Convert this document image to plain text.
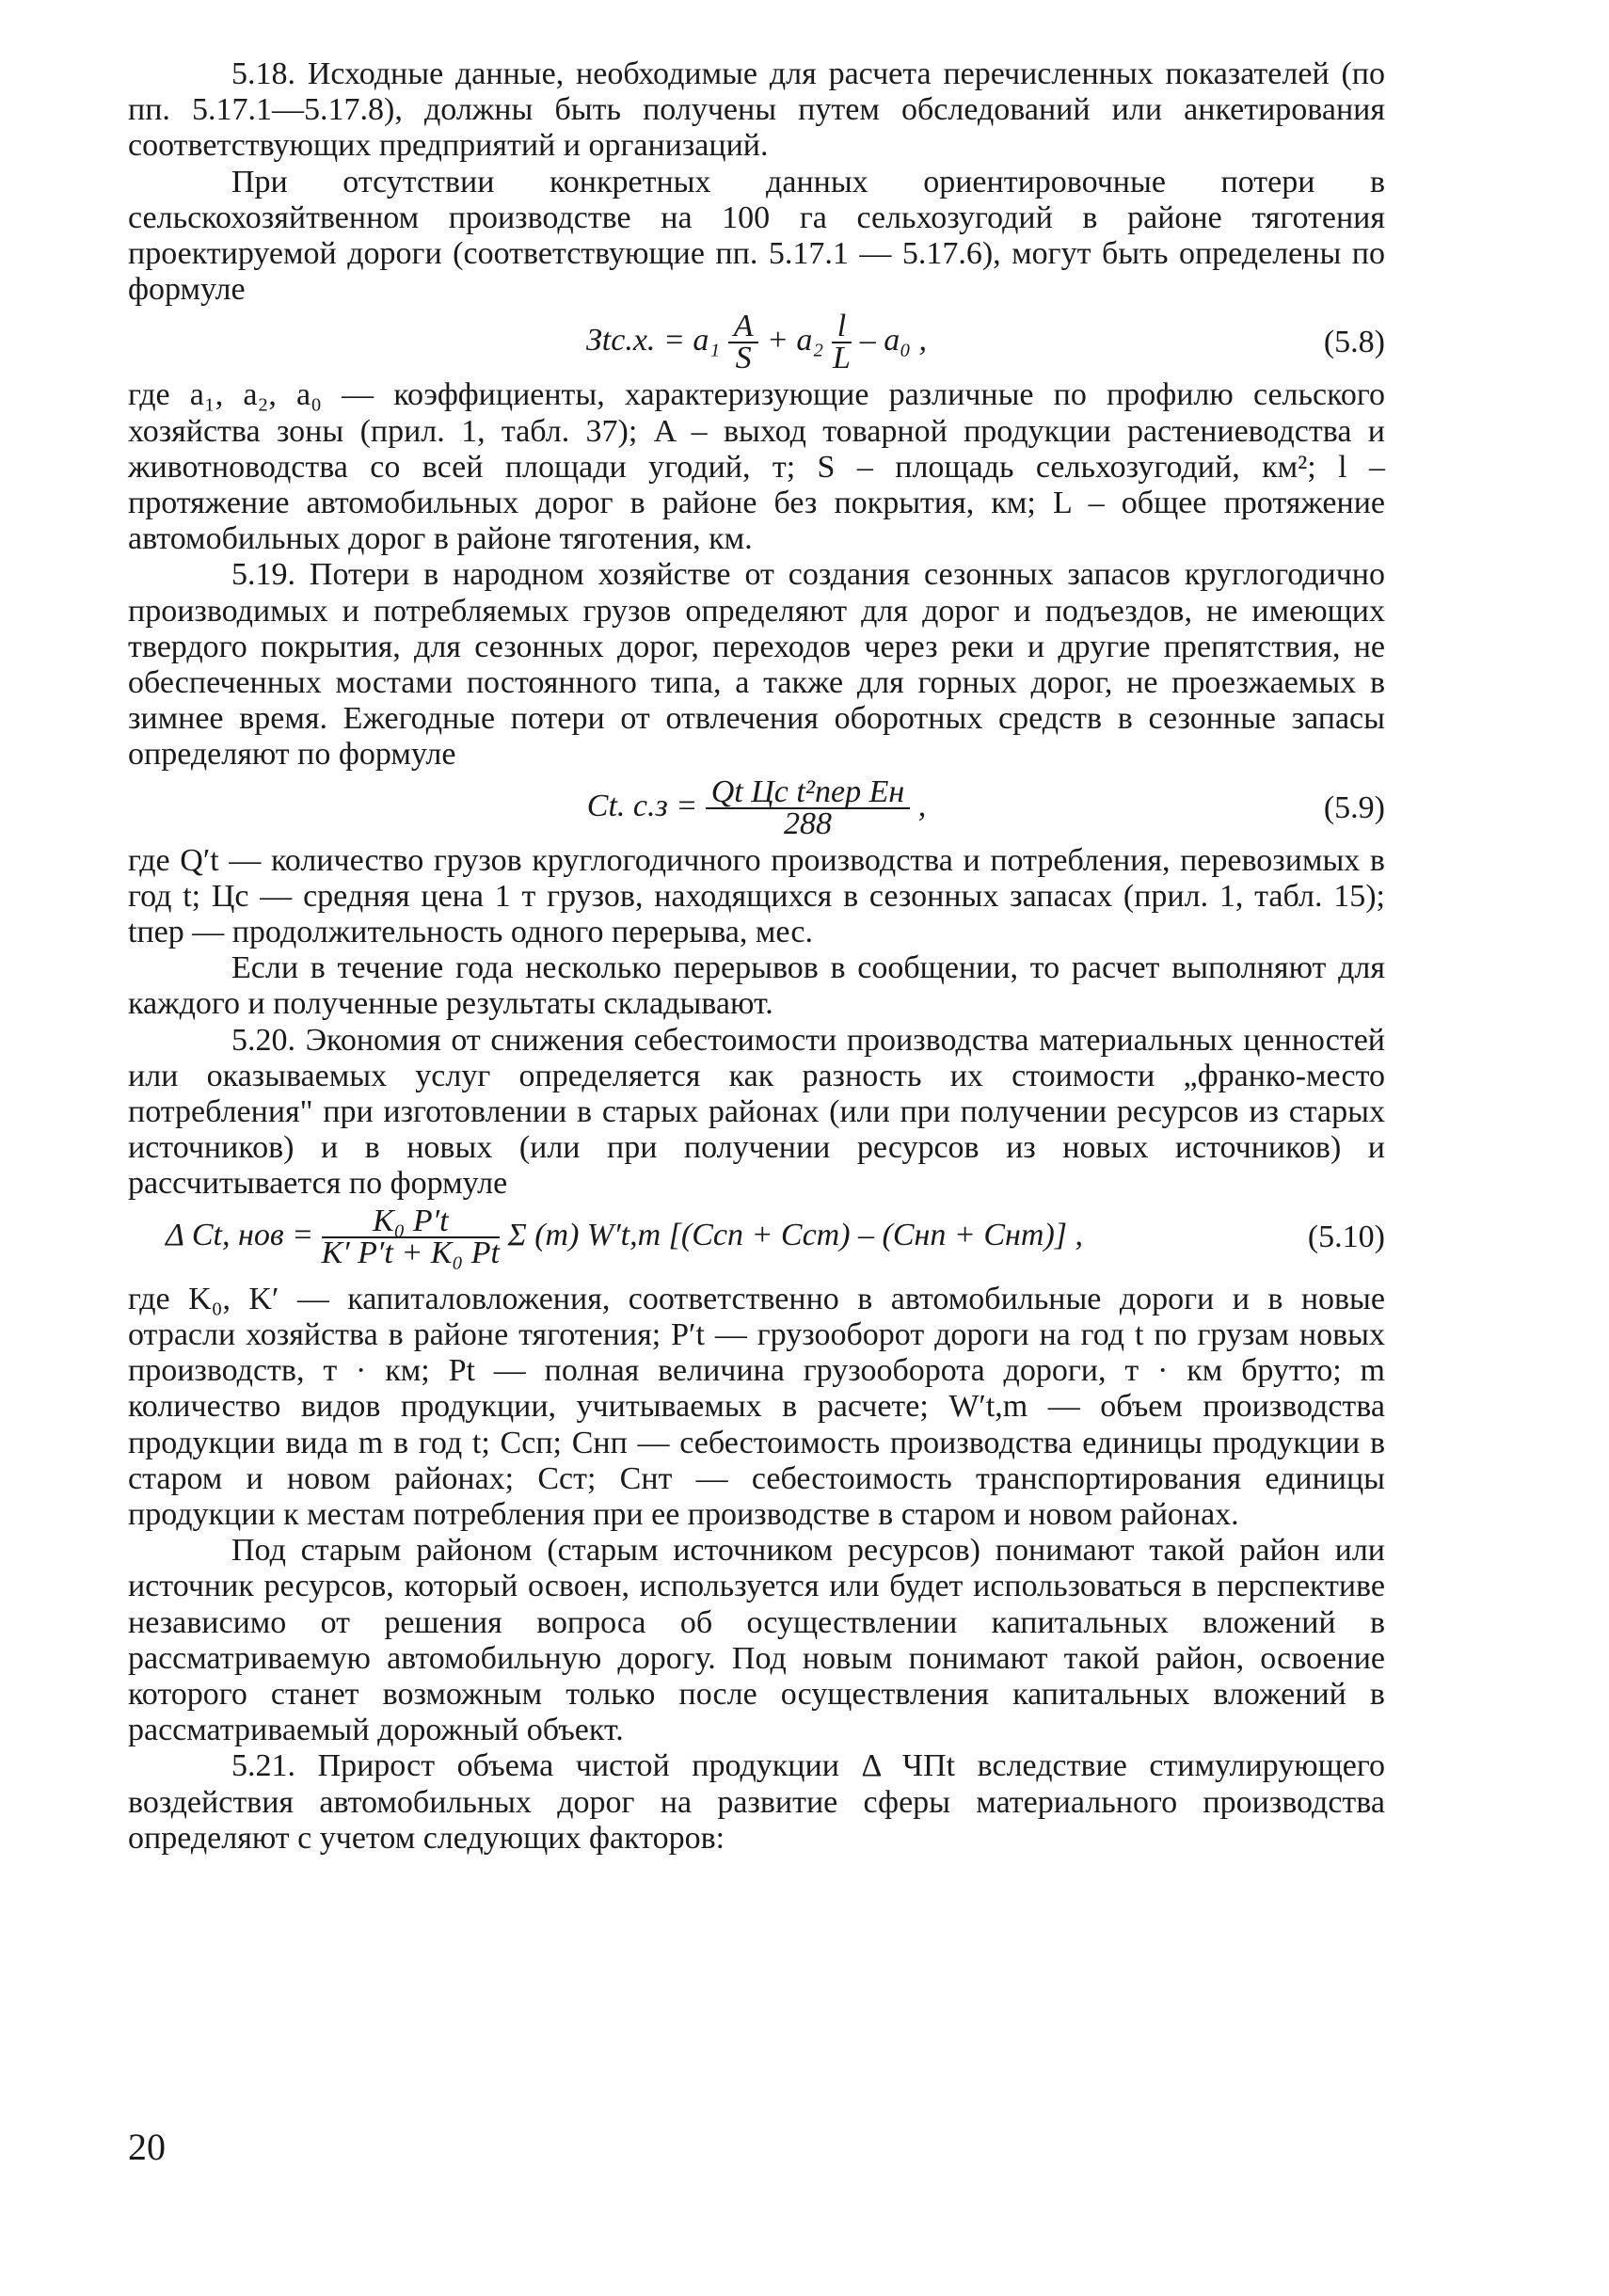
5.18. Исходные данные, необходимые для расчета перечисленных показателей (по пп. 5.17.1—5.17.8), должны быть получены путем обследований или анкетирования соответствующих предприятий и организаций.

При отсутствии конкретных данных ориентировочные потери в сельскохозяйтвенном производстве на 100 га сельхозугодий в районе тяготения проектируемой дороги (соответствующие пп. 5.17.1 — 5.17.6), могут быть определены по формуле

Зtс.х. = $a_1 \frac{A}{S} + a_2 \frac{l}{L} - a_0$ ,	(5.8)

где a₁, a₂, a₀ — коэффициенты, характеризующие различные по профилю сельского хозяйства зоны (прил. 1, табл. 37); A – выход товарной продукции растениеводства и животноводства со всей площади угодий, т; S – площадь сельхозугодий, км²; l – протяжение автомобильных дорог в районе без покрытия, км; L – общее протяжение автомобильных дорог в районе тяготения, км.

5.19. Потери в народном хозяйстве от создания сезонных запасов круглогодично производимых и потребляемых грузов определяют для дорог и подъездов, не имеющих твердого покрытия, для сезонных дорог, переходов через реки и другие препятствия, не обеспеченных мостами постоянного типа, а также для горных дорог, не проезжаемых в зимнее время. Ежегодные потери от отвлечения оборотных средств в сезонные запасы определяют по формуле

Ct. $с.з = \frac{\text{Qt Цс t²пер Eн}}{288}$ ,	(5.9)

где Q′t — количество грузов круглогодичного производства и потребления, перевозимых в год t; Цс — средняя цена 1 т грузов, находящихся в сезонных запасах (прил. 1, табл. 15); tпер — продолжительность одного перерыва, мес.

Если в течение года несколько перерывов в сообщении, то расчет выполняют для каждого и полученные результаты складывают.

5.20. Экономия от снижения себестоимости производства материальных ценностей или оказываемых услуг определяется как разность их стоимости „франко-место потребления" при изготовлении в старых районах (или при получении ресурсов из старых источников) и в новых (или при получении ресурсов из новых источников) и рассчитывается по формуле

Δ Ct, нов = $\frac{\text{K₀ P′t}}{\text{K′ P′t + K₀ Pt}}$ Σ (m) W′t,m [(Cсп + Cст) – (Cнп + Cнт)] ,	(5.10)

где K₀, K′ — капиталовложения, соответственно в автомобильные дороги и в новые отрасли хозяйства в районе тяготения; P′t — грузооборот дороги на год t по грузам новых производств, т · км; Pt — полная величина грузооборота дороги, т · км брутто; m количество видов продукции, учитываемых в расчете; W′t,m — объем производства продукции вида m в год t; Cсп; Cнп — себестоимость производства единицы продукции в старом и новом районах; Cст; Cнт — себестоимость транспортирования единицы продукции к местам потребления при ее производстве в старом и новом районах.

Под старым районом (старым источником ресурсов) понимают такой район или источник ресурсов, который освоен, используется или будет использоваться в перспективе независимо от решения вопроса об осуществлении капитальных вложений в рассматриваемую автомобильную дорогу. Под новым понимают такой район, освоение которого станет возможным только после осуществления капитальных вложений в рассматриваемый дорожный объект.

5.21. Прирост объема чистой продукции Δ ЧПt вследствие стимулирующего воздействия автомобильных дорог на развитие сферы материального производства определяют с учетом следующих факторов:

20
